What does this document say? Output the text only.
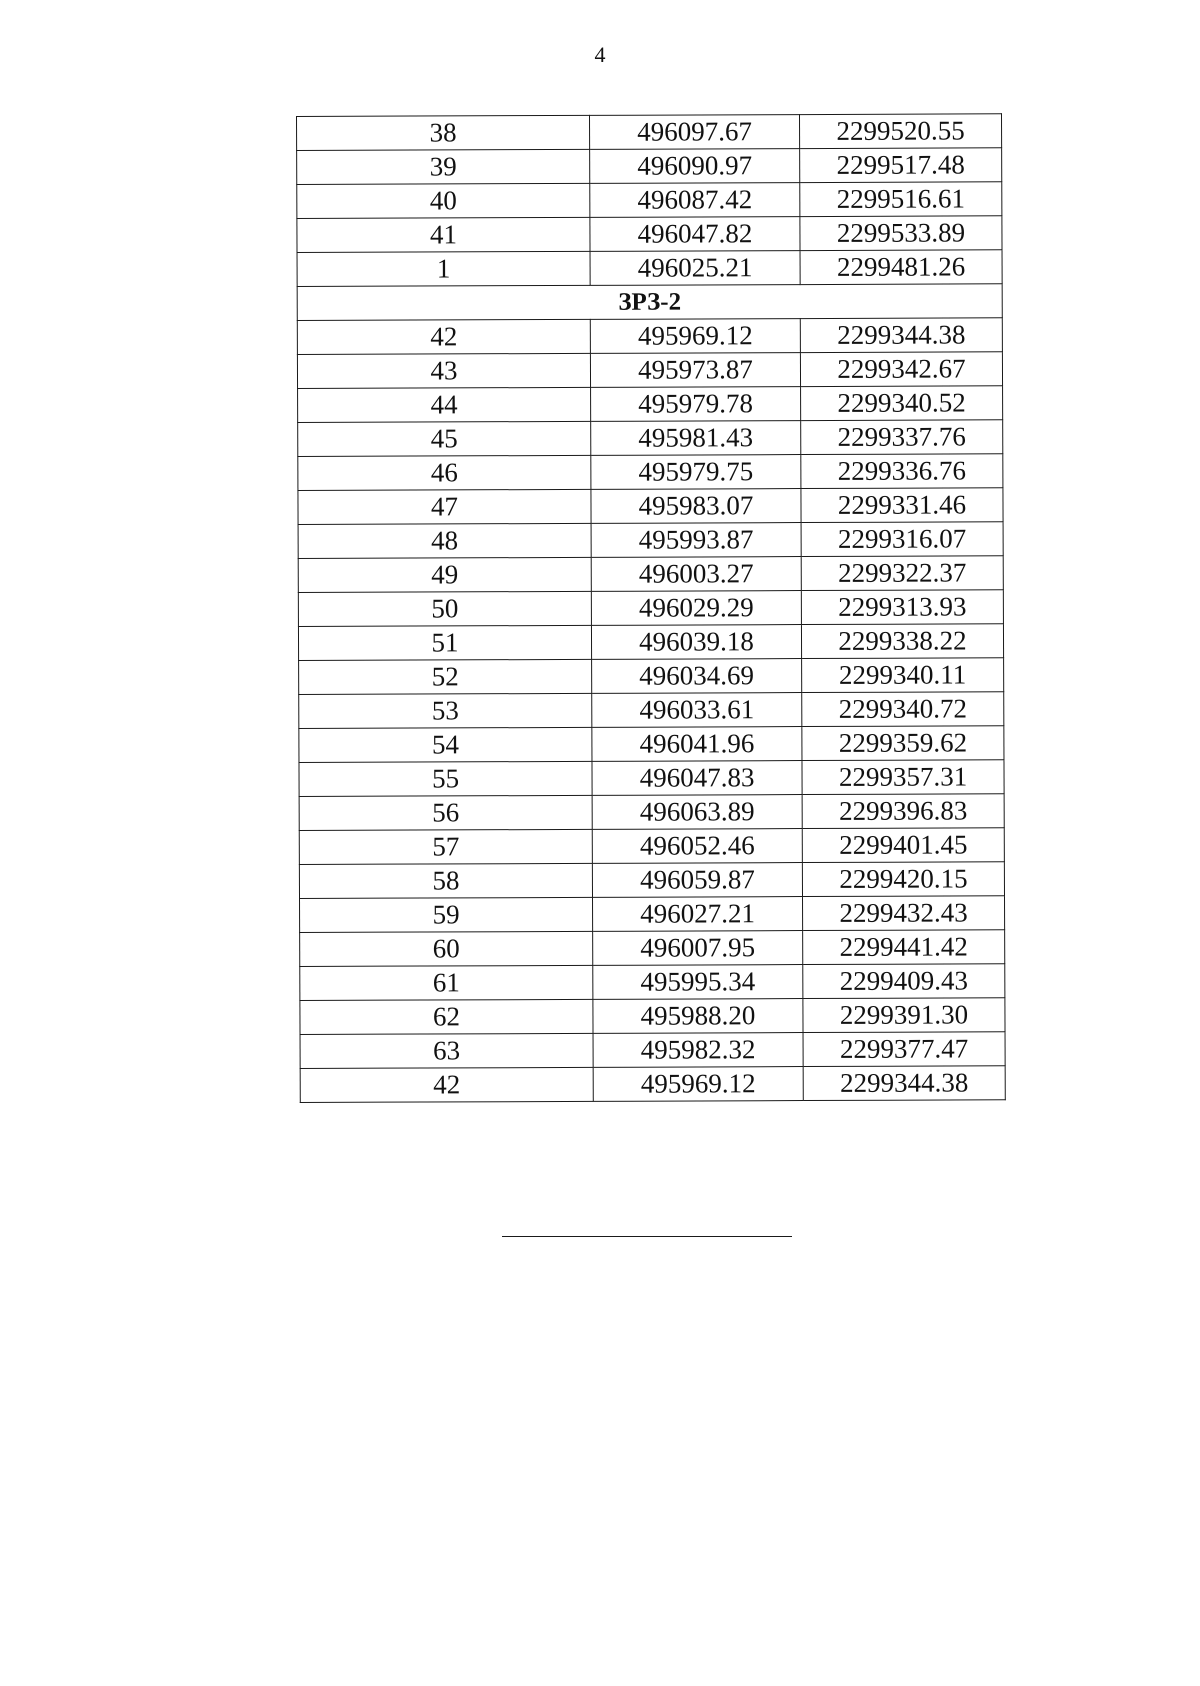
4
38	496097.67	2299520.55
39	496090.97	2299517.48
40	496087.42	2299516.61
41	496047.82	2299533.89
1	496025.21	2299481.26
ЗРЗ-2		
42	495969.12	2299344.38
43	495973.87	2299342.67
44	495979.78	2299340.52
45	495981.43	2299337.76
46	495979.75	2299336.76
47	495983.07	2299331.46
48	495993.87	2299316.07
49	496003.27	2299322.37
50	496029.29	2299313.93
51	496039.18	2299338.22
52	496034.69	2299340.11
53	496033.61	2299340.72
54	496041.96	2299359.62
55	496047.83	2299357.31
56	496063.89	2299396.83
57	496052.46	2299401.45
58	496059.87	2299420.15
59	496027.21	2299432.43
60	496007.95	2299441.42
61	495995.34	2299409.43
62	495988.20	2299391.30
63	495982.32	2299377.47
42	495969.12	2299344.38
